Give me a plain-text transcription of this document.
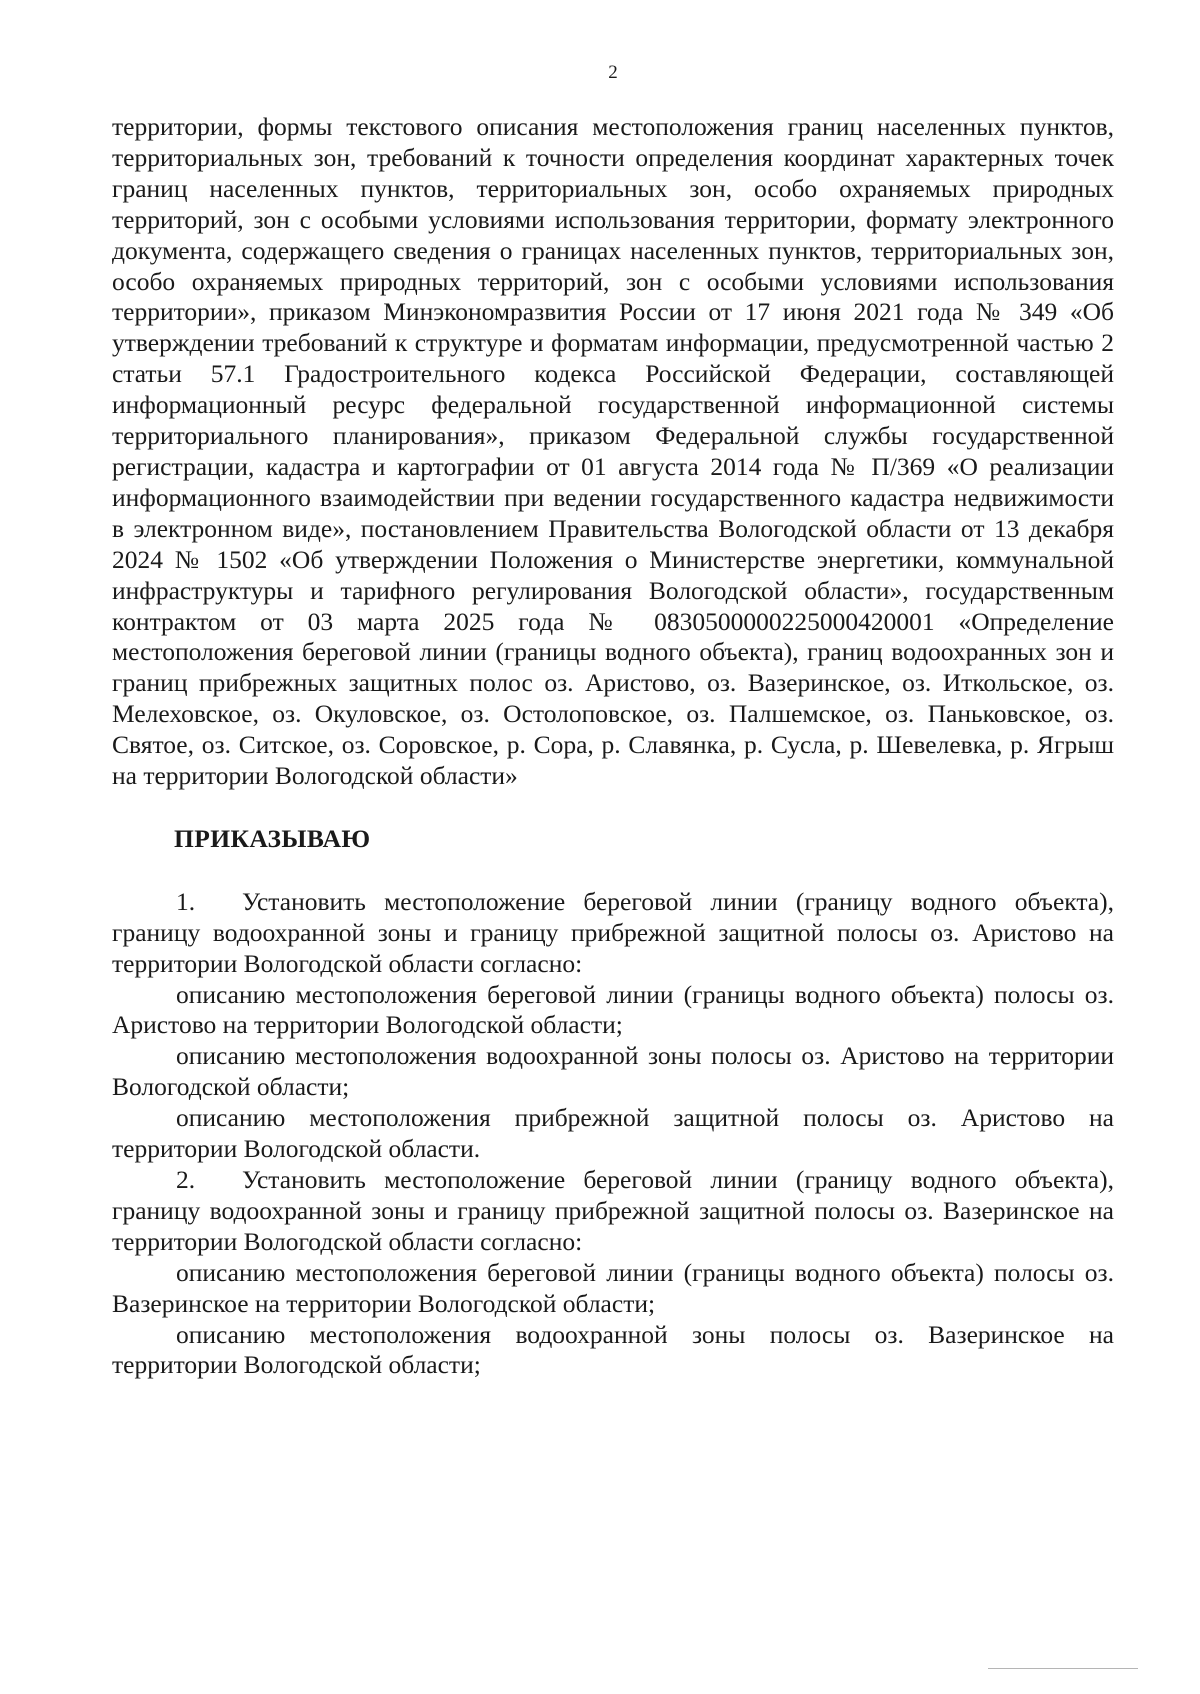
2

территории, формы текстового описания местоположения границ населенных пунктов, территориальных зон, требований к точности определения координат характерных точек границ населенных пунктов, территориальных зон, особо охраняемых природных территорий, зон с особыми условиями использования территории, формату электронного документа, содержащего сведения о границах населенных пунктов, территориальных зон, особо охраняемых природных территорий, зон с особыми условиями использования территории», приказом Минэкономразвития России от 17 июня 2021 года № 349 «Об утверждении требований к структуре и форматам информации, предусмотренной частью 2 статьи 57.1 Градостроительного кодекса Российской Федерации, составляющей информационный ресурс федеральной государственной информационной системы территориального планирования», приказом Федеральной службы государственной регистрации, кадастра и картографии от 01 августа 2014 года № П/369 «О реализации информационного взаимодействии при ведении государственного кадастра недвижимости в электронном виде», постановлением Правительства Вологодской области от 13 декабря 2024 № 1502 «Об утверждении Положения о Министерстве энергетики, коммунальной инфраструктуры и тарифного регулирования Вологодской области», государственным контрактом от 03 марта 2025 года № 0830500000225000420001 «Определение местоположения береговой линии (границы водного объекта), границ водоохранных зон и границ прибрежных защитных полос оз. Аристово, оз. Вазеринское, оз. Иткольское, оз. Мелеховское, оз. Окуловское, оз. Остолоповское, оз. Палшемское, оз. Паньковское, оз. Святое, оз. Ситское, оз. Соровское, р. Сора, р. Славянка, р. Сусла, р. Шевелевка, р. Ягрыш на территории Вологодской области»

ПРИКАЗЫВАЮ

1. Установить местоположение береговой линии (границу водного объекта), границу водоохранной зоны и границу прибрежной защитной полосы оз. Аристово на территории Вологодской области согласно:

описанию местоположения береговой линии (границы водного объекта) полосы оз. Аристово на территории Вологодской области;

описанию местоположения водоохранной зоны полосы оз. Аристово на территории Вологодской области;

описанию местоположения прибрежной защитной полосы оз. Аристово на территории Вологодской области.

2. Установить местоположение береговой линии (границу водного объекта), границу водоохранной зоны и границу прибрежной защитной полосы оз. Вазеринское на территории Вологодской области согласно:

описанию местоположения береговой линии (границы водного объекта) полосы оз. Вазеринское на территории Вологодской области;

описанию местоположения водоохранной зоны полосы оз. Вазеринское на территории Вологодской области;
